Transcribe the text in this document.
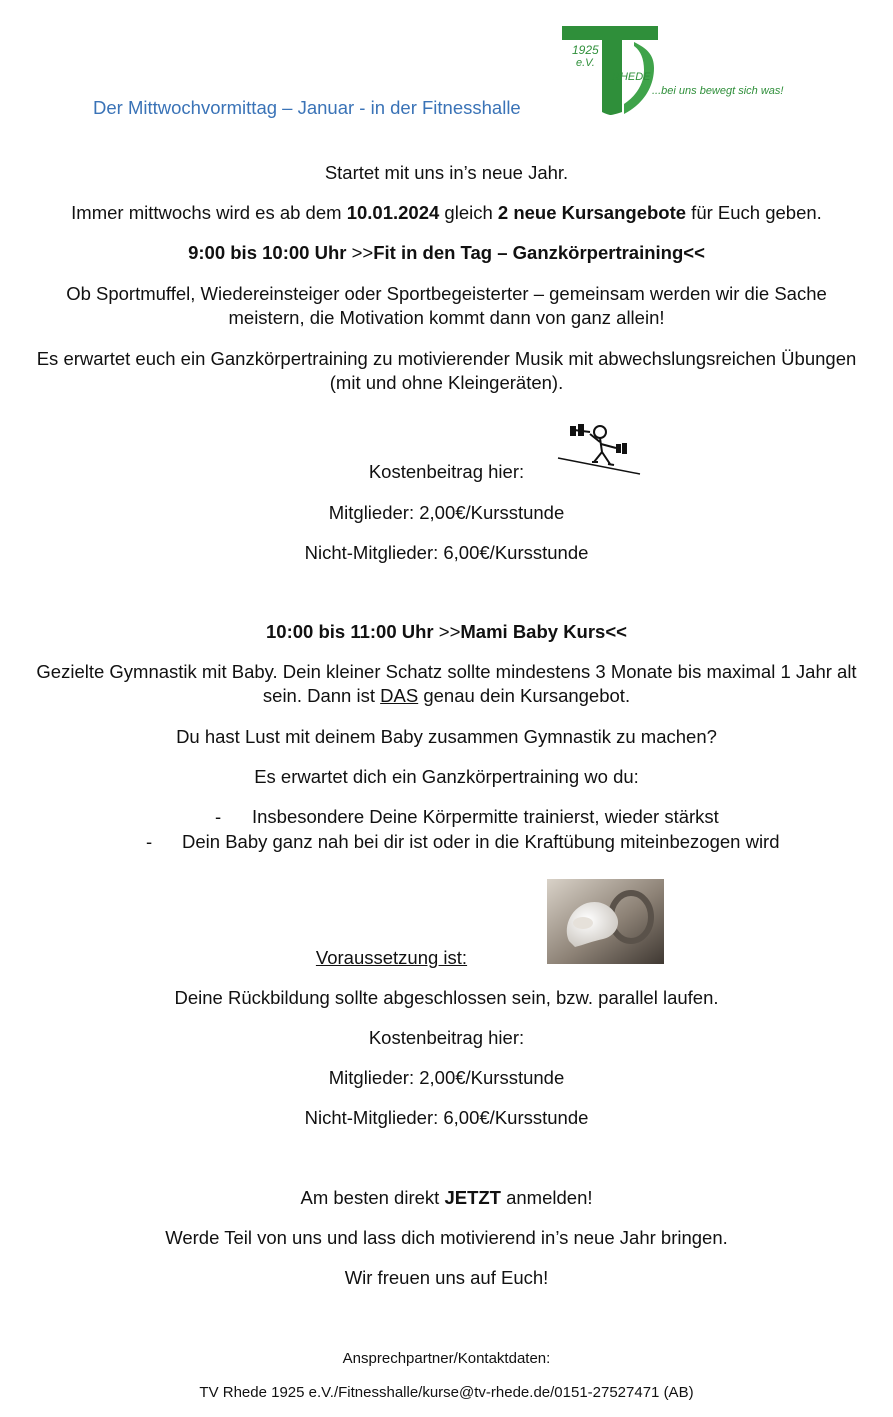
Der Mittwochvormittag – Januar - in der Fitnesshalle
1925
e.V.
RHEDE
...bei uns bewegt sich was!
Startet mit uns in’s neue Jahr.
Immer mittwochs wird es ab dem 10.01.2024 gleich 2 neue Kursangebote für Euch geben.
9:00 bis 10:00 Uhr >>Fit in den Tag – Ganzkörpertraining<<
Ob Sportmuffel, Wiedereinsteiger oder Sportbegeisterter – gemeinsam werden wir die Sache
meistern, die Motivation kommt dann von ganz allein!
Es erwartet euch ein Ganzkörpertraining zu motivierender Musik mit abwechslungsreichen Übungen
(mit und ohne Kleingeräten).
Kostenbeitrag hier:
Mitglieder: 2,00€/Kursstunde
Nicht-Mitglieder: 6,00€/Kursstunde
10:00 bis 11:00 Uhr >>Mami Baby Kurs<<
Gezielte Gymnastik mit Baby. Dein kleiner Schatz sollte mindestens 3 Monate bis maximal 1 Jahr alt
sein. Dann ist DAS genau dein Kursangebot.
Du hast Lust mit deinem Baby zusammen Gymnastik zu machen?
Es erwartet dich ein Ganzkörpertraining wo du:
- Insbesondere Deine Körpermitte trainierst, wieder stärkst
- Dein Baby ganz nah bei dir ist oder in die Kraftübung miteinbezogen wird
Voraussetzung ist:
Deine Rückbildung sollte abgeschlossen sein, bzw. parallel laufen.
Kostenbeitrag hier:
Mitglieder: 2,00€/Kursstunde
Nicht-Mitglieder: 6,00€/Kursstunde
Am besten direkt JETZT anmelden!
Werde Teil von uns und lass dich motivierend in’s neue Jahr bringen.
Wir freuen uns auf Euch!
Ansprechpartner/Kontaktdaten:
TV Rhede 1925 e.V./Fitnesshalle/kurse@tv-rhede.de/0151-27527471 (AB)
